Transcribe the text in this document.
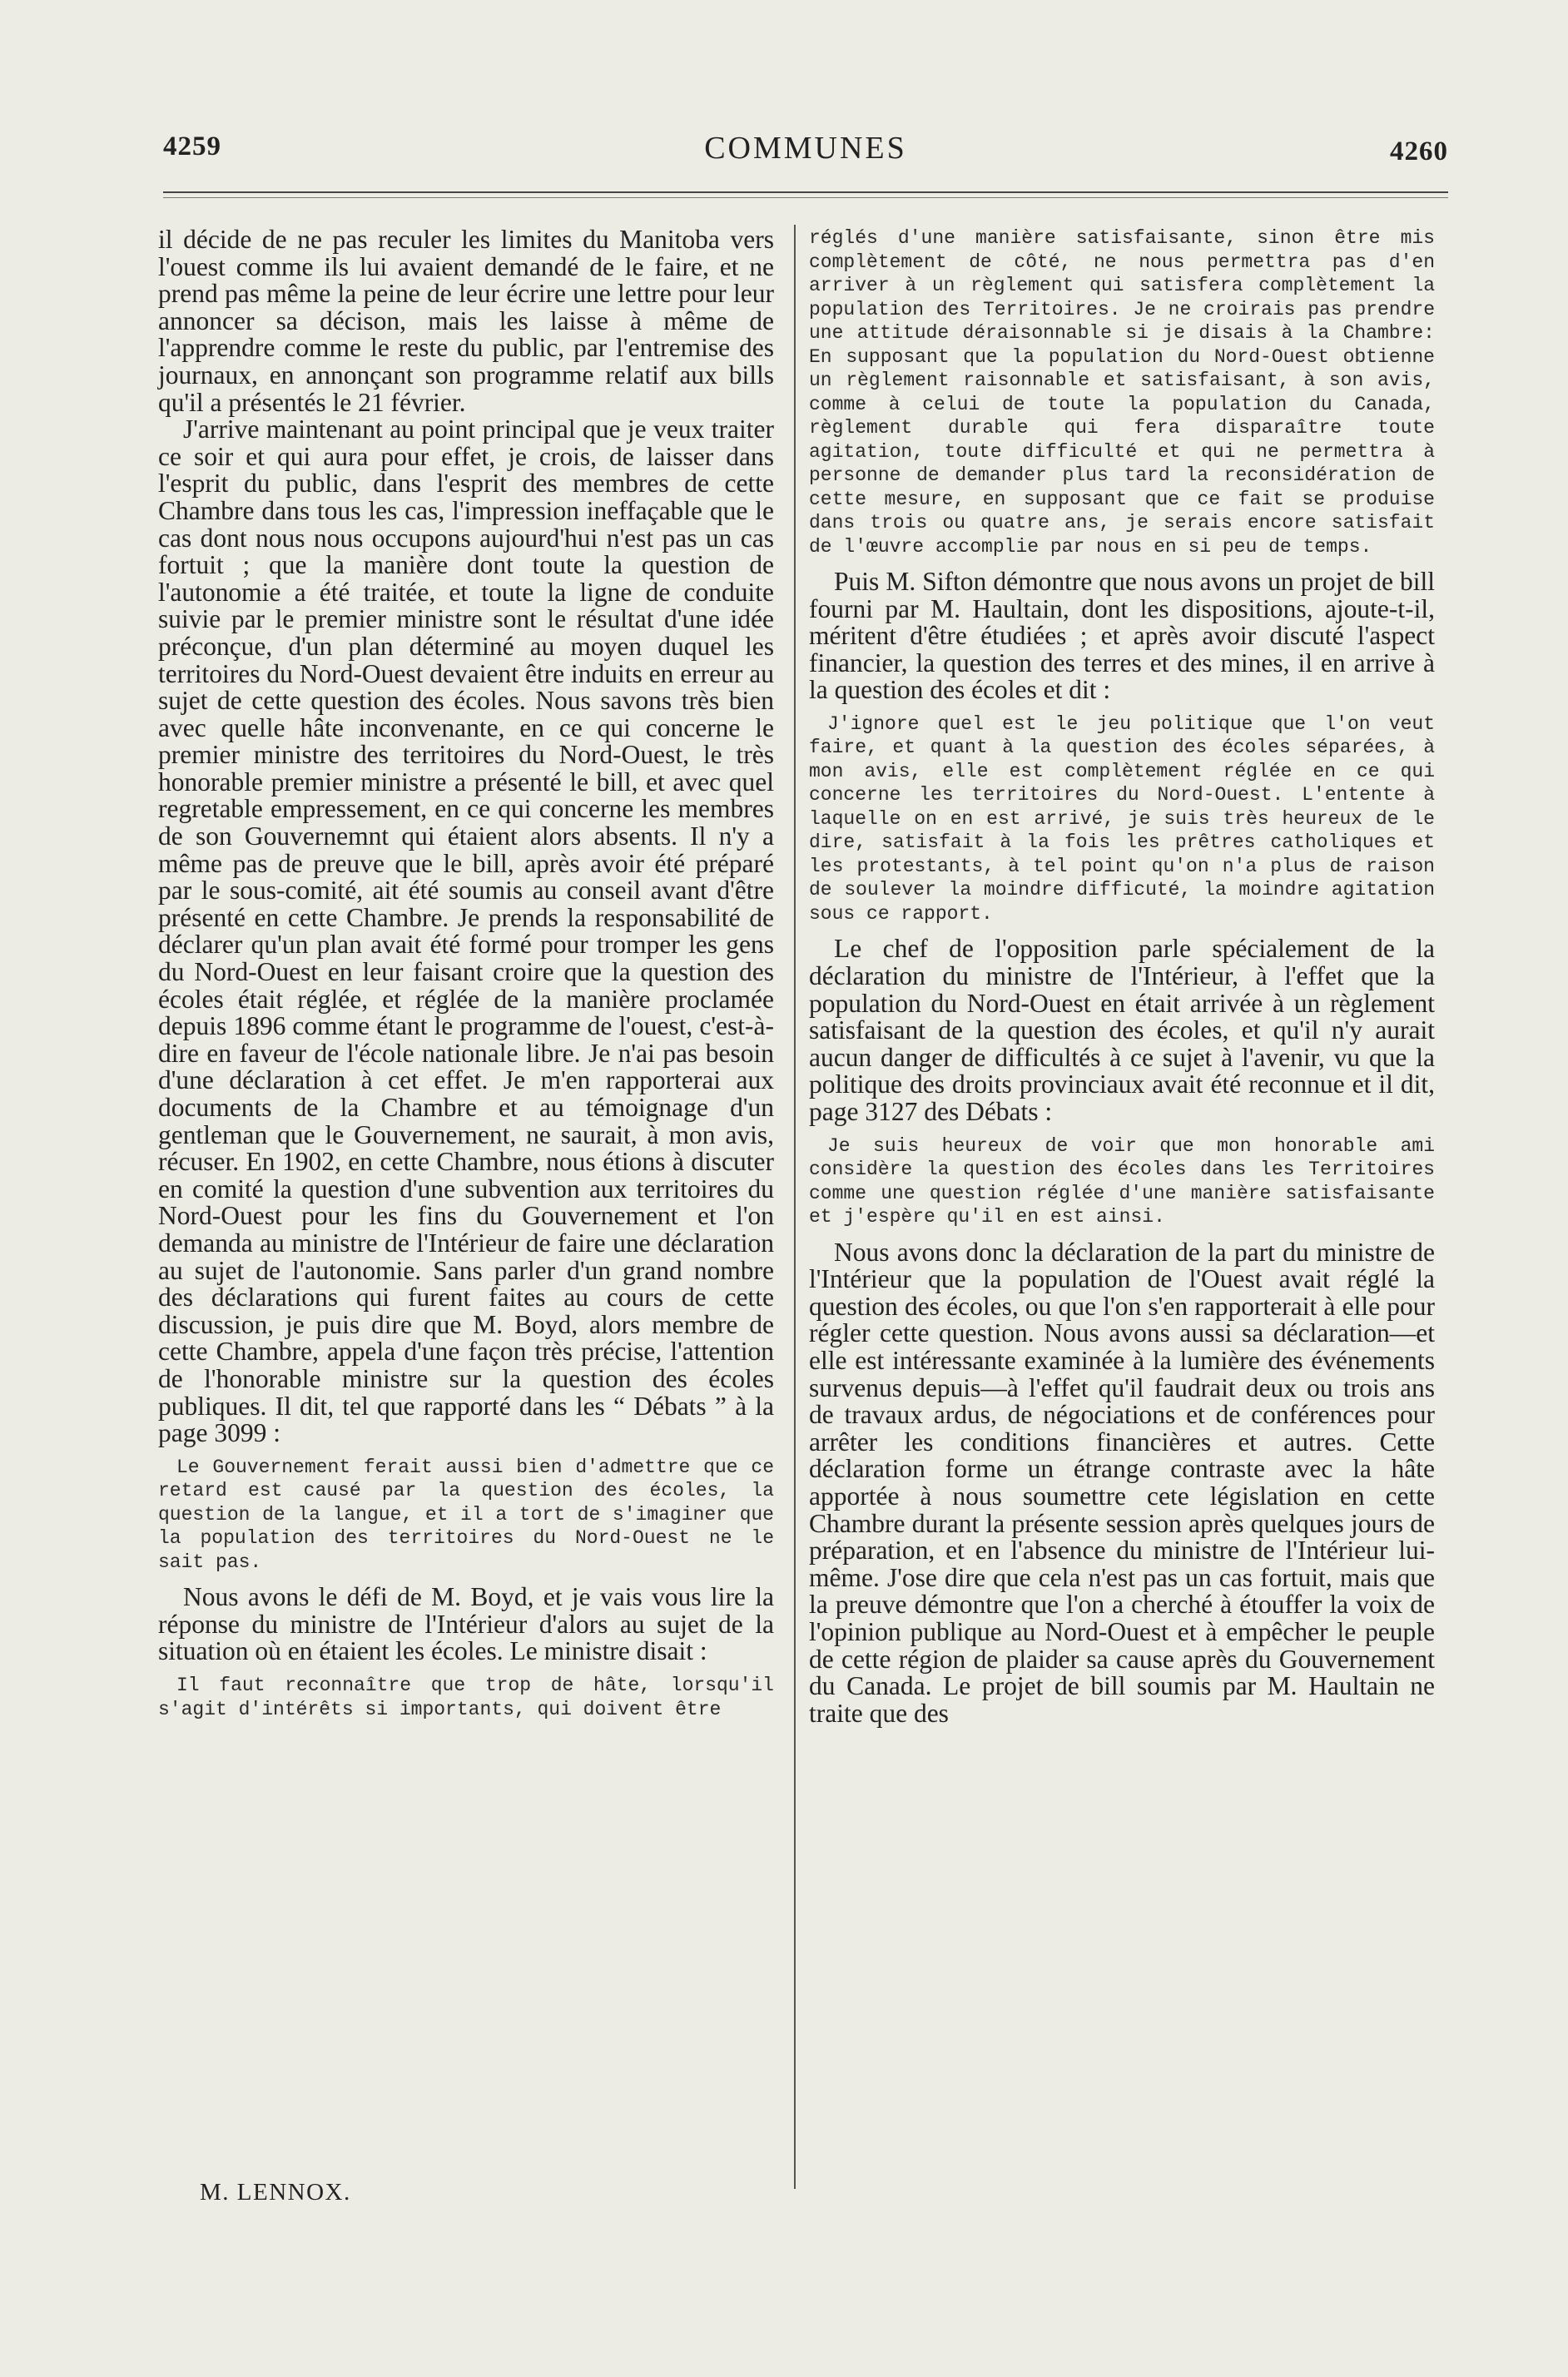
4259	COMMUNES	4260

il décide de ne pas reculer les limites du Manitoba vers l'ouest comme ils lui avaient demandé de le faire, et ne prend pas même la peine de leur écrire une lettre pour leur annoncer sa décison, mais les laisse à même de l'apprendre comme le reste du public, par l'entremise des journaux, en annonçant son programme relatif aux bills qu'il a présentés le 21 février.

J'arrive maintenant au point principal que je veux traiter ce soir et qui aura pour effet, je crois, de laisser dans l'esprit du public, dans l'esprit des membres de cette Chambre dans tous les cas, l'impression ineffaçable que le cas dont nous nous occupons aujourd'hui n'est pas un cas fortuit ; que la manière dont toute la question de l'autonomie a été traitée, et toute la ligne de conduite suivie par le premier ministre sont le résultat d'une idée préconçue, d'un plan déterminé au moyen duquel les territoires du Nord-Ouest devaient être induits en erreur au sujet de cette question des écoles. Nous savons très bien avec quelle hâte inconvenante, en ce qui concerne le premier ministre des territoires du Nord-Ouest, le très honorable premier ministre a présenté le bill, et avec quel regretable empressement, en ce qui concerne les membres de son Gouvernemnt qui étaient alors absents. Il n'y a même pas de preuve que le bill, après avoir été préparé par le sous-comité, ait été soumis au conseil avant d'être présenté en cette Chambre. Je prends la responsabilité de déclarer qu'un plan avait été formé pour tromper les gens du Nord-Ouest en leur faisant croire que la question des écoles était réglée, et réglée de la manière proclamée depuis 1896 comme étant le programme de l'ouest, c'est-à-dire en faveur de l'école nationale libre. Je n'ai pas besoin d'une déclaration à cet effet. Je m'en rapporterai aux documents de la Chambre et au témoignage d'un gentleman que le Gouvernement, ne saurait, à mon avis, récuser. En 1902, en cette Chambre, nous étions à discuter en comité la question d'une subvention aux territoires du Nord-Ouest pour les fins du Gouvernement et l'on demanda au ministre de l'Intérieur de faire une déclaration au sujet de l'autonomie. Sans parler d'un grand nombre des déclarations qui furent faites au cours de cette discussion, je puis dire que M. Boyd, alors membre de cette Chambre, appela d'une façon très précise, l'attention de l'honorable ministre sur la question des écoles publiques. Il dit, tel que rapporté dans les “ Débats ” à la page 3099 :

Le Gouvernement ferait aussi bien d'admettre que ce retard est causé par la question des écoles, la question de la langue, et il a tort de s'imaginer que la population des territoires du Nord-Ouest ne le sait pas.

Nous avons le défi de M. Boyd, et je vais vous lire la réponse du ministre de l'Intérieur d'alors au sujet de la situation où en étaient les écoles. Le ministre disait :

Il faut reconnaître que trop de hâte, lorsqu'il s'agit d'intérêts si importants, qui doivent être

réglés d'une manière satisfaisante, sinon être mis complètement de côté, ne nous permettra pas d'en arriver à un règlement qui satisfera complètement la population des Territoires. Je ne croirais pas prendre une attitude déraisonnable si je disais à la Chambre: En supposant que la population du Nord-Ouest obtienne un règlement raisonnable et satisfaisant, à son avis, comme à celui de toute la population du Canada, règlement durable qui fera disparaître toute agitation, toute difficulté et qui ne permettra à personne de demander plus tard la reconsidération de cette mesure, en supposant que ce fait se produise dans trois ou quatre ans, je serais encore satisfait de l'œuvre accomplie par nous en si peu de temps.

Puis M. Sifton démontre que nous avons un projet de bill fourni par M. Haultain, dont les dispositions, ajoute-t-il, méritent d'être étudiées ; et après avoir discuté l'aspect financier, la question des terres et des mines, il en arrive à la question des écoles et dit :

J'ignore quel est le jeu politique que l'on veut faire, et quant à la question des écoles séparées, à mon avis, elle est complètement réglée en ce qui concerne les territoires du Nord-Ouest. L'entente à laquelle on en est arrivé, je suis très heureux de le dire, satisfait à la fois les prêtres catholiques et les protestants, à tel point qu'on n'a plus de raison de soulever la moindre difficuté, la moindre agitation sous ce rapport.

Le chef de l'opposition parle spécialement de la déclaration du ministre de l'Intérieur, à l'effet que la population du Nord-Ouest en était arrivée à un règlement satisfaisant de la question des écoles, et qu'il n'y aurait aucun danger de difficultés à ce sujet à l'avenir, vu que la politique des droits provinciaux avait été reconnue et il dit, page 3127 des Débats :

Je suis heureux de voir que mon honorable ami considère la question des écoles dans les Territoires comme une question réglée d'une manière satisfaisante et j'espère qu'il en est ainsi.

Nous avons donc la déclaration de la part du ministre de l'Intérieur que la population de l'Ouest avait réglé la question des écoles, ou que l'on s'en rapporterait à elle pour régler cette question. Nous avons aussi sa déclaration—et elle est intéressante examinée à la lumière des événements survenus depuis—à l'effet qu'il faudrait deux ou trois ans de travaux ardus, de négociations et de conférences pour arrêter les conditions financières et autres. Cette déclaration forme un étrange contraste avec la hâte apportée à nous soumettre cete législation en cette Chambre durant la présente session après quelques jours de préparation, et en l'absence du ministre de l'Intérieur lui-même. J'ose dire que cela n'est pas un cas fortuit, mais que la preuve démontre que l'on a cherché à étouffer la voix de l'opinion publique au Nord-Ouest et à empêcher le peuple de cette région de plaider sa cause après du Gouvernement du Canada. Le projet de bill soumis par M. Haultain ne traite que des

M. LENNOX.
